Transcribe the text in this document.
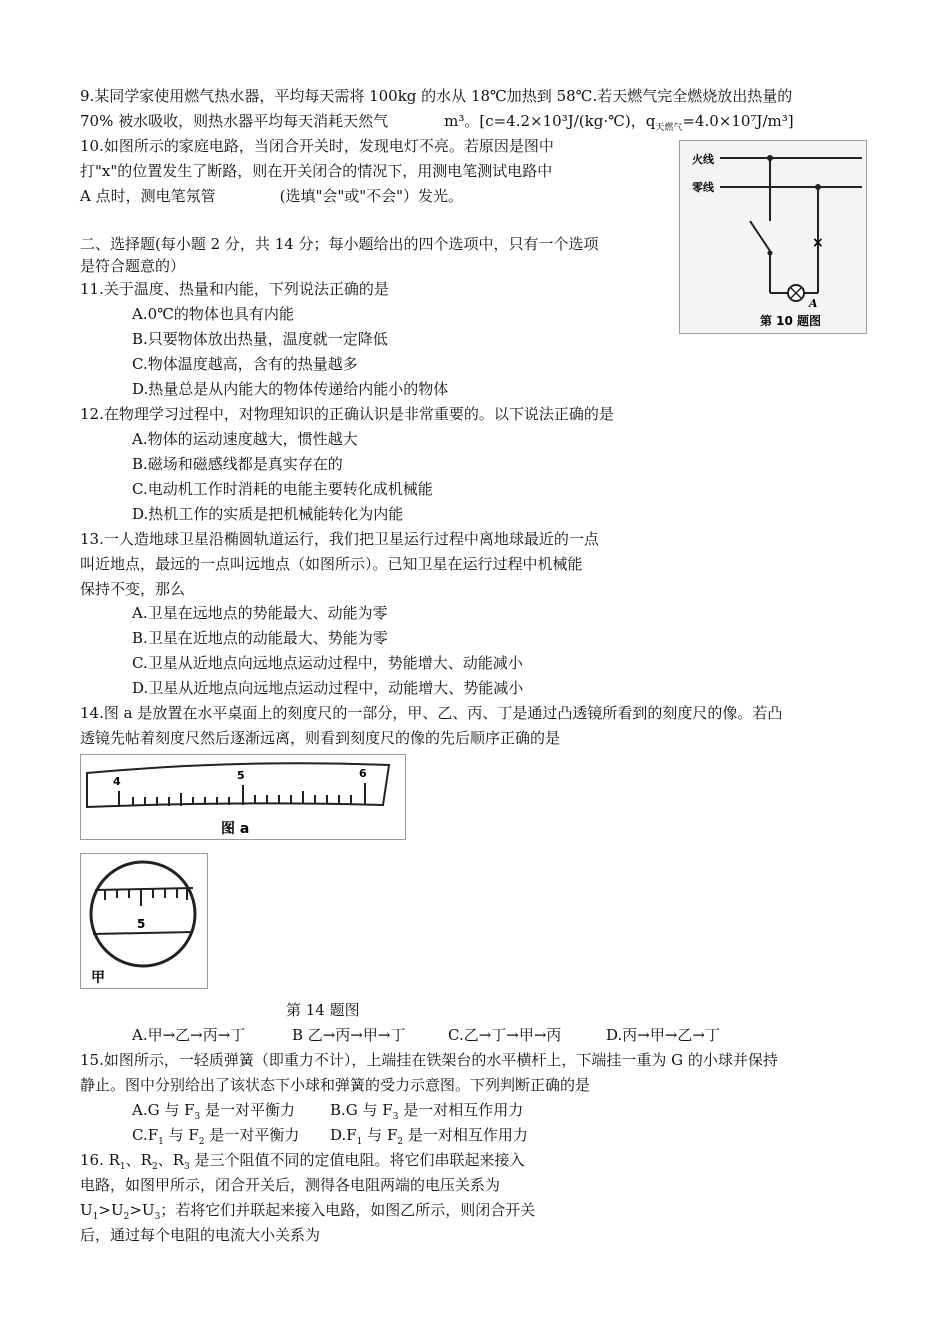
9.某同学家使用燃气热水器，平均每天需将 100kg 的水从 18℃加热到 58℃.若天燃气完全燃烧放出热量的
70% 被水吸收，则热水器平均每天消耗天然气	m³。[c=4.2×10³J/(kg·℃)，$q_{天燃气}=4.0\times 10^7J/m^3$]
10.如图所示的家庭电路，当闭合开关时，发现电灯不亮。若原因是图中
打"x"的位置发生了断路，则在开关闭合的情况下，用测电笔测试电路中
A 点时，测电笔氖管	(选填"会"或"不会"）发光。
火线
零线
×
A
第 10 题图
二、选择题(每小题 2 分，共 14 分；每小题给出的四个选项中，只有一个选项
是符合题意的）
11.关于温度、热量和内能，下列说法正确的是
A.0℃的物体也具有内能
B.只要物体放出热量，温度就一定降低
C.物体温度越高，含有的热量越多
D.热量总是从内能大的物体传递给内能小的物体
12.在物理学习过程中，对物理知识的正确认识是非常重要的。以下说法正确的是
A.物体的运动速度越大，惯性越大
B.磁场和磁感线都是真实存在的
C.电动机工作时消耗的电能主要转化成机械能
D.热机工作的实质是把机械能转化为内能
13.一人造地球卫星沿椭圆轨道运行，我们把卫星运行过程中离地球最近的一点
叫近地点，最远的一点叫远地点（如图所示）。已知卫星在运行过程中机械能
保持不变，那么
A.卫星在远地点的势能最大、动能为零
B.卫星在近地点的动能最大、势能为零
C.卫星从近地点向远地点运动过程中，势能增大、动能减小
D.卫星从近地点向远地点运动过程中，动能增大、势能减小
14.图 a 是放置在水平桌面上的刻度尺的一部分，甲、乙、丙、丁是通过凸透镜所看到的刻度尺的像。若凸
透镜先帖着刻度尺然后逐渐远离，则看到刻度尺的像的先后顺序正确的是
4	5	6
图 a
5
甲
第 14 题图
A.甲→乙→丙→丁	B 乙→丙→甲→丁	C.乙→丁→甲→丙	D.丙→甲→乙→丁
15.如图所示，一轻质弹簧（即重力不计），上端挂在铁架台的水平横杆上，下端挂一重为 G 的小球并保持
静止。图中分别给出了该状态下小球和弹簧的受力示意图。下列判断正确的是
A.G 与 $F_3$ 是一对平衡力 B.G 与 $F_3$ 是一对相互作用力
$C.F_1$ 与 $F_2$ 是一对平衡力 $D.F_1$ 与 $F_2$ 是一对相互作用力
16. $R_1$、$R_2$、$R_3$ 是三个阻值不同的定值电阻。将它们串联起来接入
电路，如图甲所示，闭合开关后，测得各电阻两端的电压关系为
$U_1>U_2>U_3$；若将它们并联起来接入电路，如图乙所示，则闭合开关
后，通过每个电阻的电流大小关系为
